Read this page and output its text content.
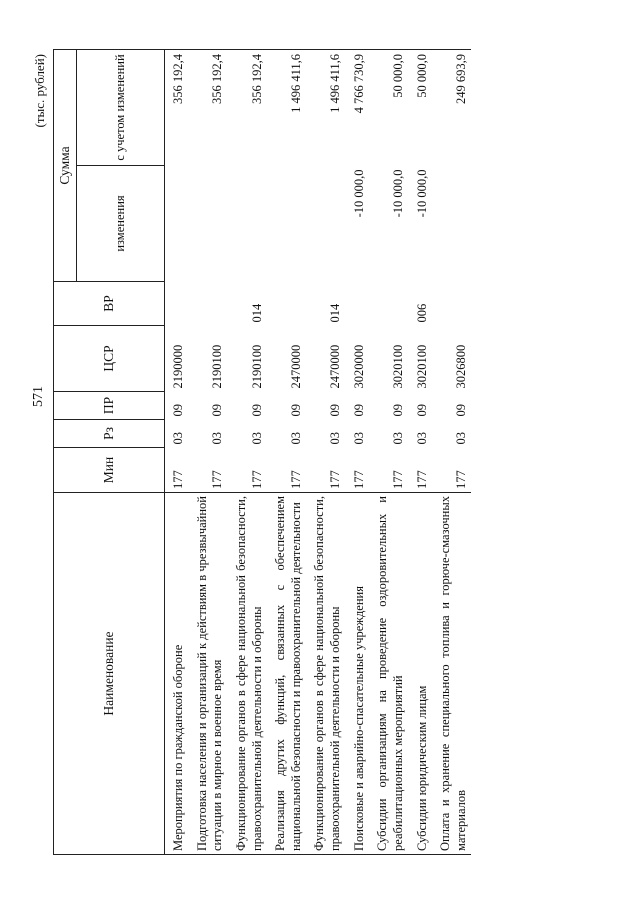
571
(тыс. рублей)
Наименование	Мин	Рз	ПР	ЦСР	ВР	Сумма	
						изменения	с учетом изменений
Мероприятия по гражданской обороне	177	03	09	2190000			356 192,4
Подготовка населения и организаций к действиям в чрезвычайной ситуации в мирное и военное время	177	03	09	2190100			356 192,4
Функционирование органов в сфере национальной безопасности, правоохранительной деятельности и обороны	177	03	09	2190100	014		356 192,4
Реализация других функций, связанных с обеспечением национальной безопасности и правоохранительной деятельности	177	03	09	2470000			1 496 411,6
Функционирование органов в сфере национальной безопасности, правоохранительной деятельности и обороны	177	03	09	2470000	014		1 496 411,6
Поисковые и аварийно-спасательные учреждения	177	03	09	3020000		-10 000,0	4 766 730,9
Субсидии организациям на проведение оздоровительных и реабилитационных мероприятий	177	03	09	3020100		-10 000,0	50 000,0
Субсидии юридическим лицам	177	03	09	3020100	006	-10 000,0	50 000,0
Оплата и хранение специального топлива и горюче-смазочных материалов	177	03	09	3026800			249 693,9
